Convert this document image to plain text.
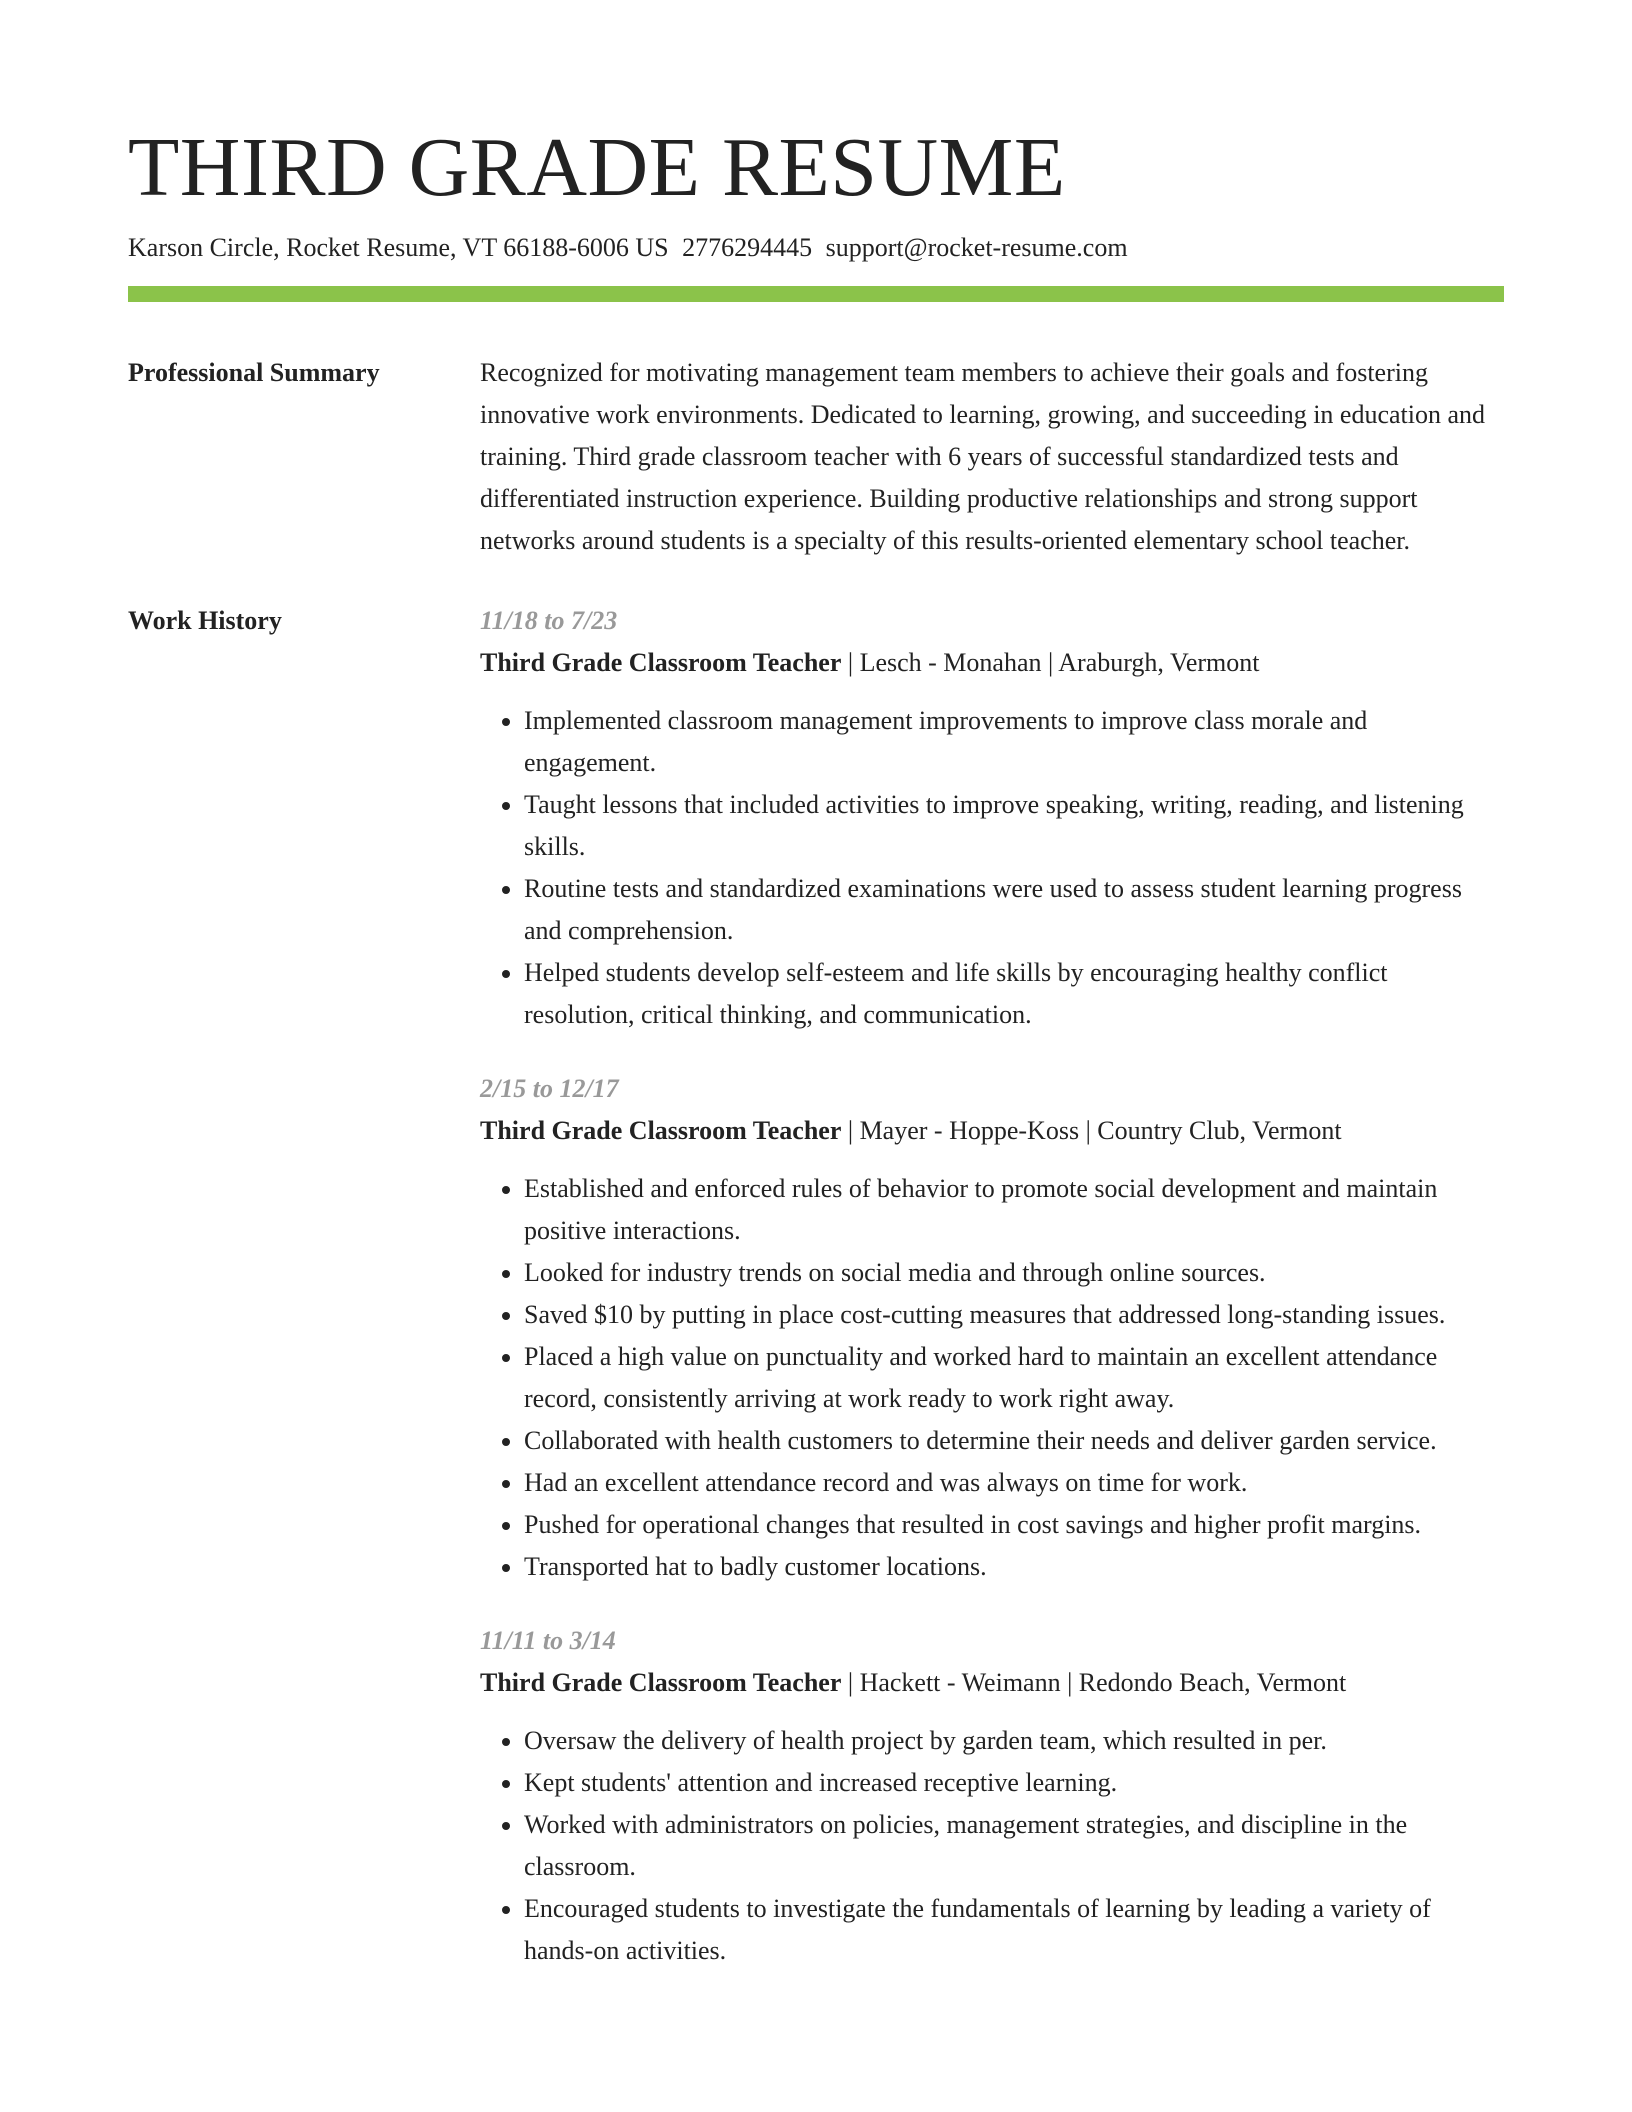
THIRD GRADE RESUME
Karson Circle, Rocket Resume, VT 66188-6006 US 2776294445 support@rocket-resume.com
Professional Summary	Recognized for motivating management team members to achieve their goals and fostering innovative work environments. Dedicated to learning, growing, and succeeding in education and training. Third grade classroom teacher with 6 years of successful standardized tests and differentiated instruction experience. Building productive relationships and strong support networks around students is a specialty of this results-oriented elementary school teacher.

Work History	11/18 to 7/23
Third Grade Classroom Teacher | Lesch - Monahan | Araburgh, Vermont
• Implemented classroom management improvements to improve class morale and engagement.
• Taught lessons that included activities to improve speaking, writing, reading, and listening skills.
• Routine tests and standardized examinations were used to assess student learning progress and comprehension.
• Helped students develop self-esteem and life skills by encouraging healthy conflict resolution, critical thinking, and communication.
2/15 to 12/17
Third Grade Classroom Teacher | Mayer - Hoppe-Koss | Country Club, Vermont
• Established and enforced rules of behavior to promote social development and maintain positive interactions.
• Looked for industry trends on social media and through online sources.
• Saved $10 by putting in place cost-cutting measures that addressed long-standing issues.
• Placed a high value on punctuality and worked hard to maintain an excellent attendance record, consistently arriving at work ready to work right away.
• Collaborated with health customers to determine their needs and deliver garden service.
• Had an excellent attendance record and was always on time for work.
• Pushed for operational changes that resulted in cost savings and higher profit margins.
• Transported hat to badly customer locations.
11/11 to 3/14
Third Grade Classroom Teacher | Hackett - Weimann | Redondo Beach, Vermont
• Oversaw the delivery of health project by garden team, which resulted in per.
• Kept students' attention and increased receptive learning.
• Worked with administrators on policies, management strategies, and discipline in the classroom.
• Encouraged students to investigate the fundamentals of learning by leading a variety of hands-on activities.
